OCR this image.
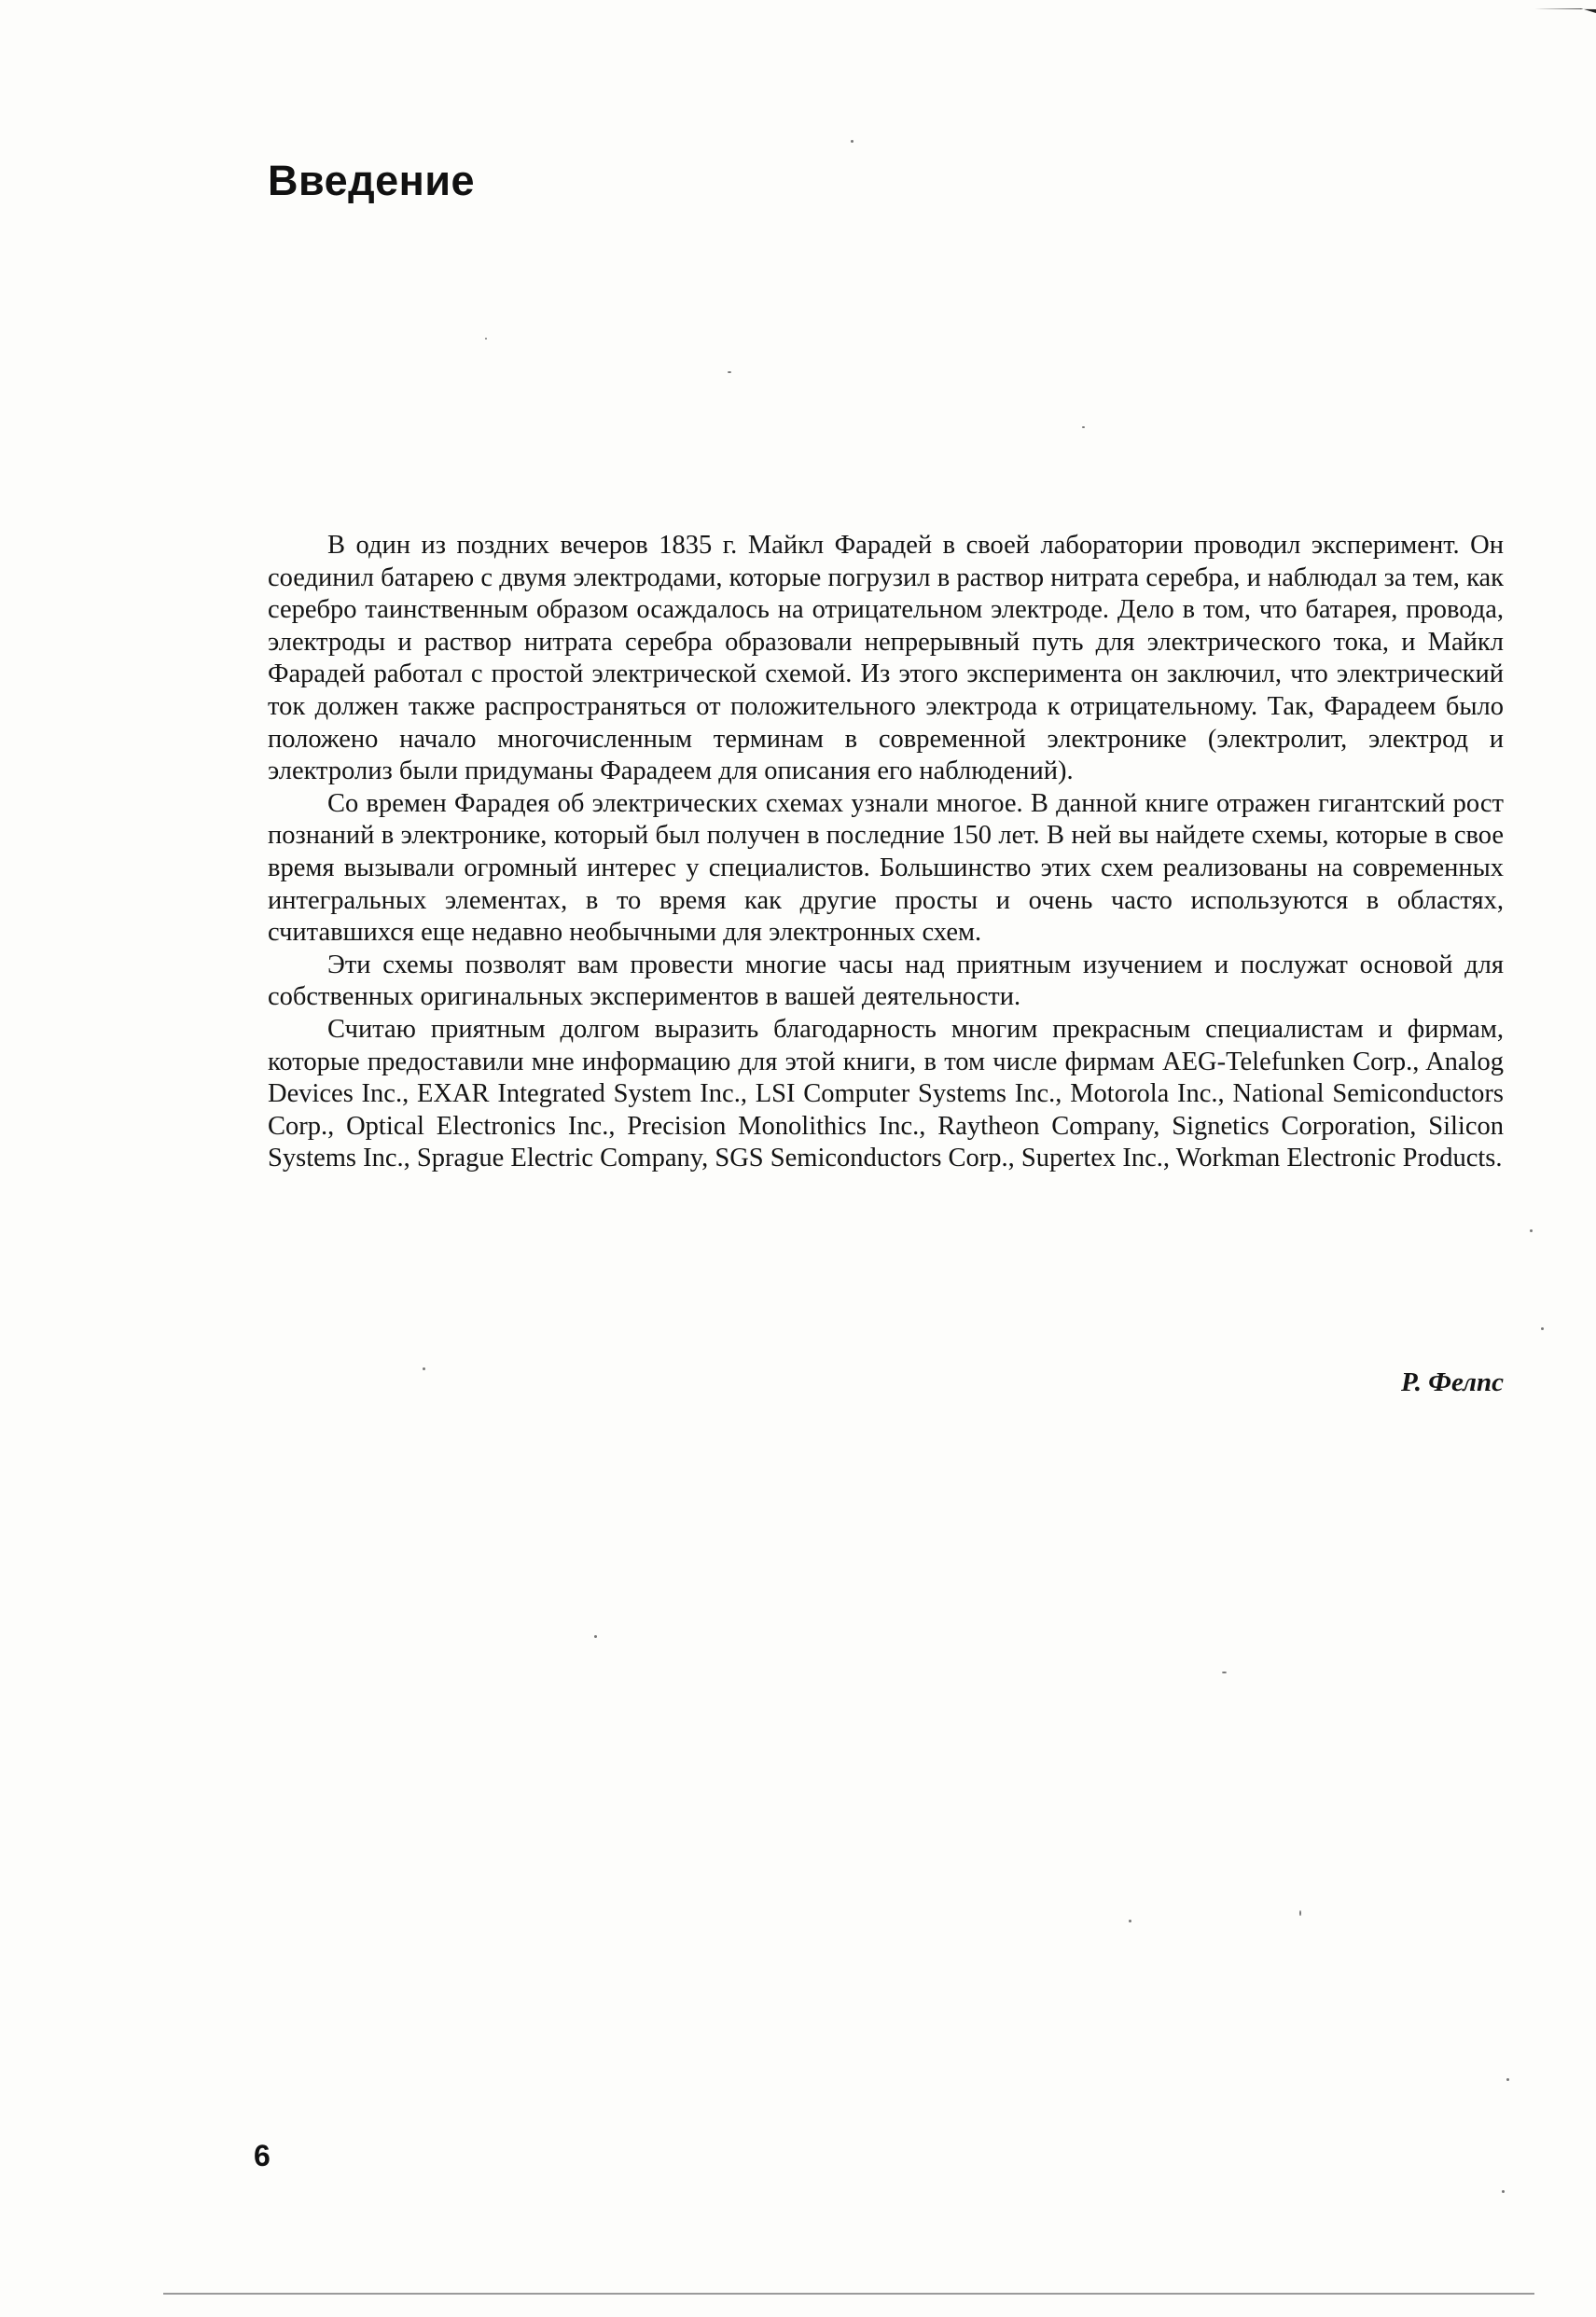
Введение

В один из поздних вечеров 1835 г. Майкл Фарадей в своей лаборатории проводил эксперимент. Он соединил батарею с двумя электродами, которые погрузил в раствор нитрата серебра, и наблюдал за тем, как серебро таинственным образом осаждалось на отрицательном электроде. Дело в том, что батарея, провода, электроды и раствор нитрата серебра образовали непрерывный путь для электрического тока, и Майкл Фарадей работал с простой электрической схемой. Из этого эксперимента он заключил, что электрический ток должен также распространяться от положительного электрода к отрицательному. Так, Фарадеем было положено начало многочисленным терминам в современной электронике (электролит, электрод и электролиз были придуманы Фарадеем для описания его наблюдений).

Со времен Фарадея об электрических схемах узнали многое. В данной книге отражен гигантский рост познаний в электронике, который был получен в последние 150 лет. В ней вы найдете схемы, которые в свое время вызывали огромный интерес у специалистов. Большинство этих схем реализованы на современных интегральных элементах, в то время как другие просты и очень часто используются в областях, считавшихся еще недавно необычными для электронных схем.

Эти схемы позволят вам провести многие часы над приятным изучением и послужат основой для собственных оригинальных экспериментов в вашей деятельности.

Считаю приятным долгом выразить благодарность многим прекрасным специалистам и фирмам, которые предоставили мне информацию для этой книги, в том числе фирмам AEG-Telefunken Corp., Analog Devices Inc., EXAR Integrated System Inc., LSI Computer Systems Inc., Motorola Inc., National Semiconductors Corp., Optical Electronics Inc., Precision Monolithics Inc., Raytheon Company, Signetics Corporation, Silicon Systems Inc., Sprague Electric Company, SGS Semiconductors Corp., Supertex Inc., Workman Electronic Products.

Р. Фелпс
6
